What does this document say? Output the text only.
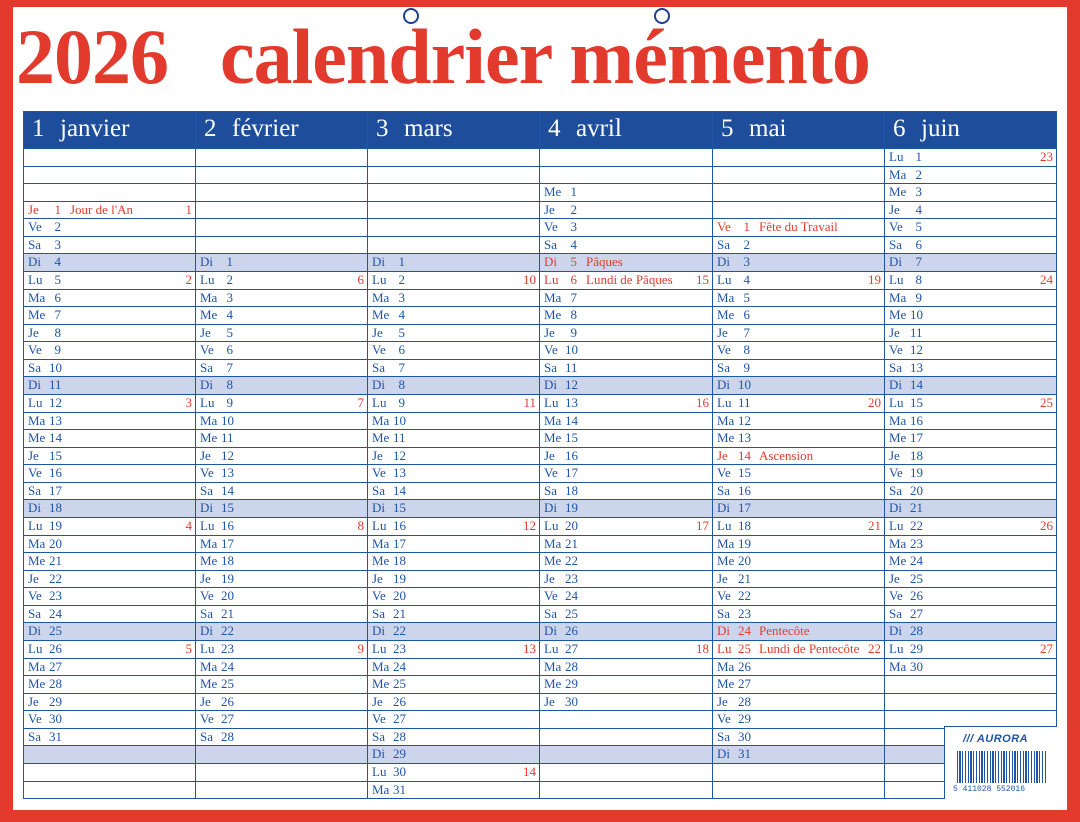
2026 calendrier mémento
1 janvier
Je	1 Jour de l'An	1
Ve 2
Sa	3
Di	4
Lu 5	2
Ma 6
Me 7
Je	8
Ve 9
Sa 10
Di 11
Lu 12	3
Ma 13
Me 14
Je 15
Ve 16
Sa 17
Di 18
Lu 19	4
Ma 20
Me 21
Je 22
Ve 23
Sa 24
Di 25
Lu 26	5
Ma 27
Me 28
Je 29
Ve 30
Sa 31
2 février
Di	1
Lu 2	6
Ma 3
Me 4
Je	5
Ve 6
Sa	7
Di	8
Lu 9	7
Ma 10
Me 11
Je 12
Ve 13
Sa 14
Di 15
Lu 16	8
Ma 17
Me 18
Je 19
Ve 20
Sa 21
Di 22
Lu 23	9
Ma 24
Me 25
Je 26
Ve 27
Sa 28
3 mars
Di	1
Lu 2	10
Ma 3
Me 4
Je	5
Ve 6
Sa	7
Di	8
Lu 9	11
Ma 10
Me 11
Je 12
Ve 13
Sa 14
Di 15
Lu 16	12
Ma 17
Me 18
Je 19
Ve 20
Sa 21
Di 22
Lu 23	13
Ma 24
Me 25
Je 26
Ve 27
Sa 28
Di 29
Lu 30	14
Ma 31
4 avril
Me 1
Je	2
Ve 3
Sa	4
Di	5 Pâques
Lu 6 Lundi de Pâques 15
Ma 7
Me 8
Je	9
Ve 10
Sa 11
Di 12
Lu 13	16
Ma 14
Me 15
Je 16
Ve 17
Sa 18
Di 19
Lu 20	17
Ma 21
Me 22
Je 23
Ve 24
Sa 25
Di 26
Lu 27	18
Ma 28
Me 29
Je 30
5 mai
Ve 1 Fête du Travail
Sa	2
Di	3
Lu 4	19
Ma 5
Me 6
Je	7
Ve 8
Sa	9
Di 10
Lu 11	20
Ma 12
Me 13
Je 14 Ascension
Ve 15
Sa 16
Di 17
Lu 18	21
Ma 19
Me 20
Je 21
Ve 22
Sa 23
Di 24 Pentecôte
Lu 25 Lundi de Pentecôte 22
Ma 26
Me 27
Je 28
Ve 29
Sa 30
Di 31
6 juin
Lu 1	23
Ma 2
Me 3
Je	4
Ve 5
Sa	6
Di	7
Lu 8	24
Ma 9
Me 10
Je 11
Ve 12
Sa 13
Di 14
Lu 15	25
Ma 16
Me 17
Je 18
Ve 19
Sa 20
Di 21
Lu 22	26
Ma 23
Me 24
Je 25
Ve 26
Sa 27
Di 28
Lu 29	27
Ma 30
/// AURORA
5 411028 552016
